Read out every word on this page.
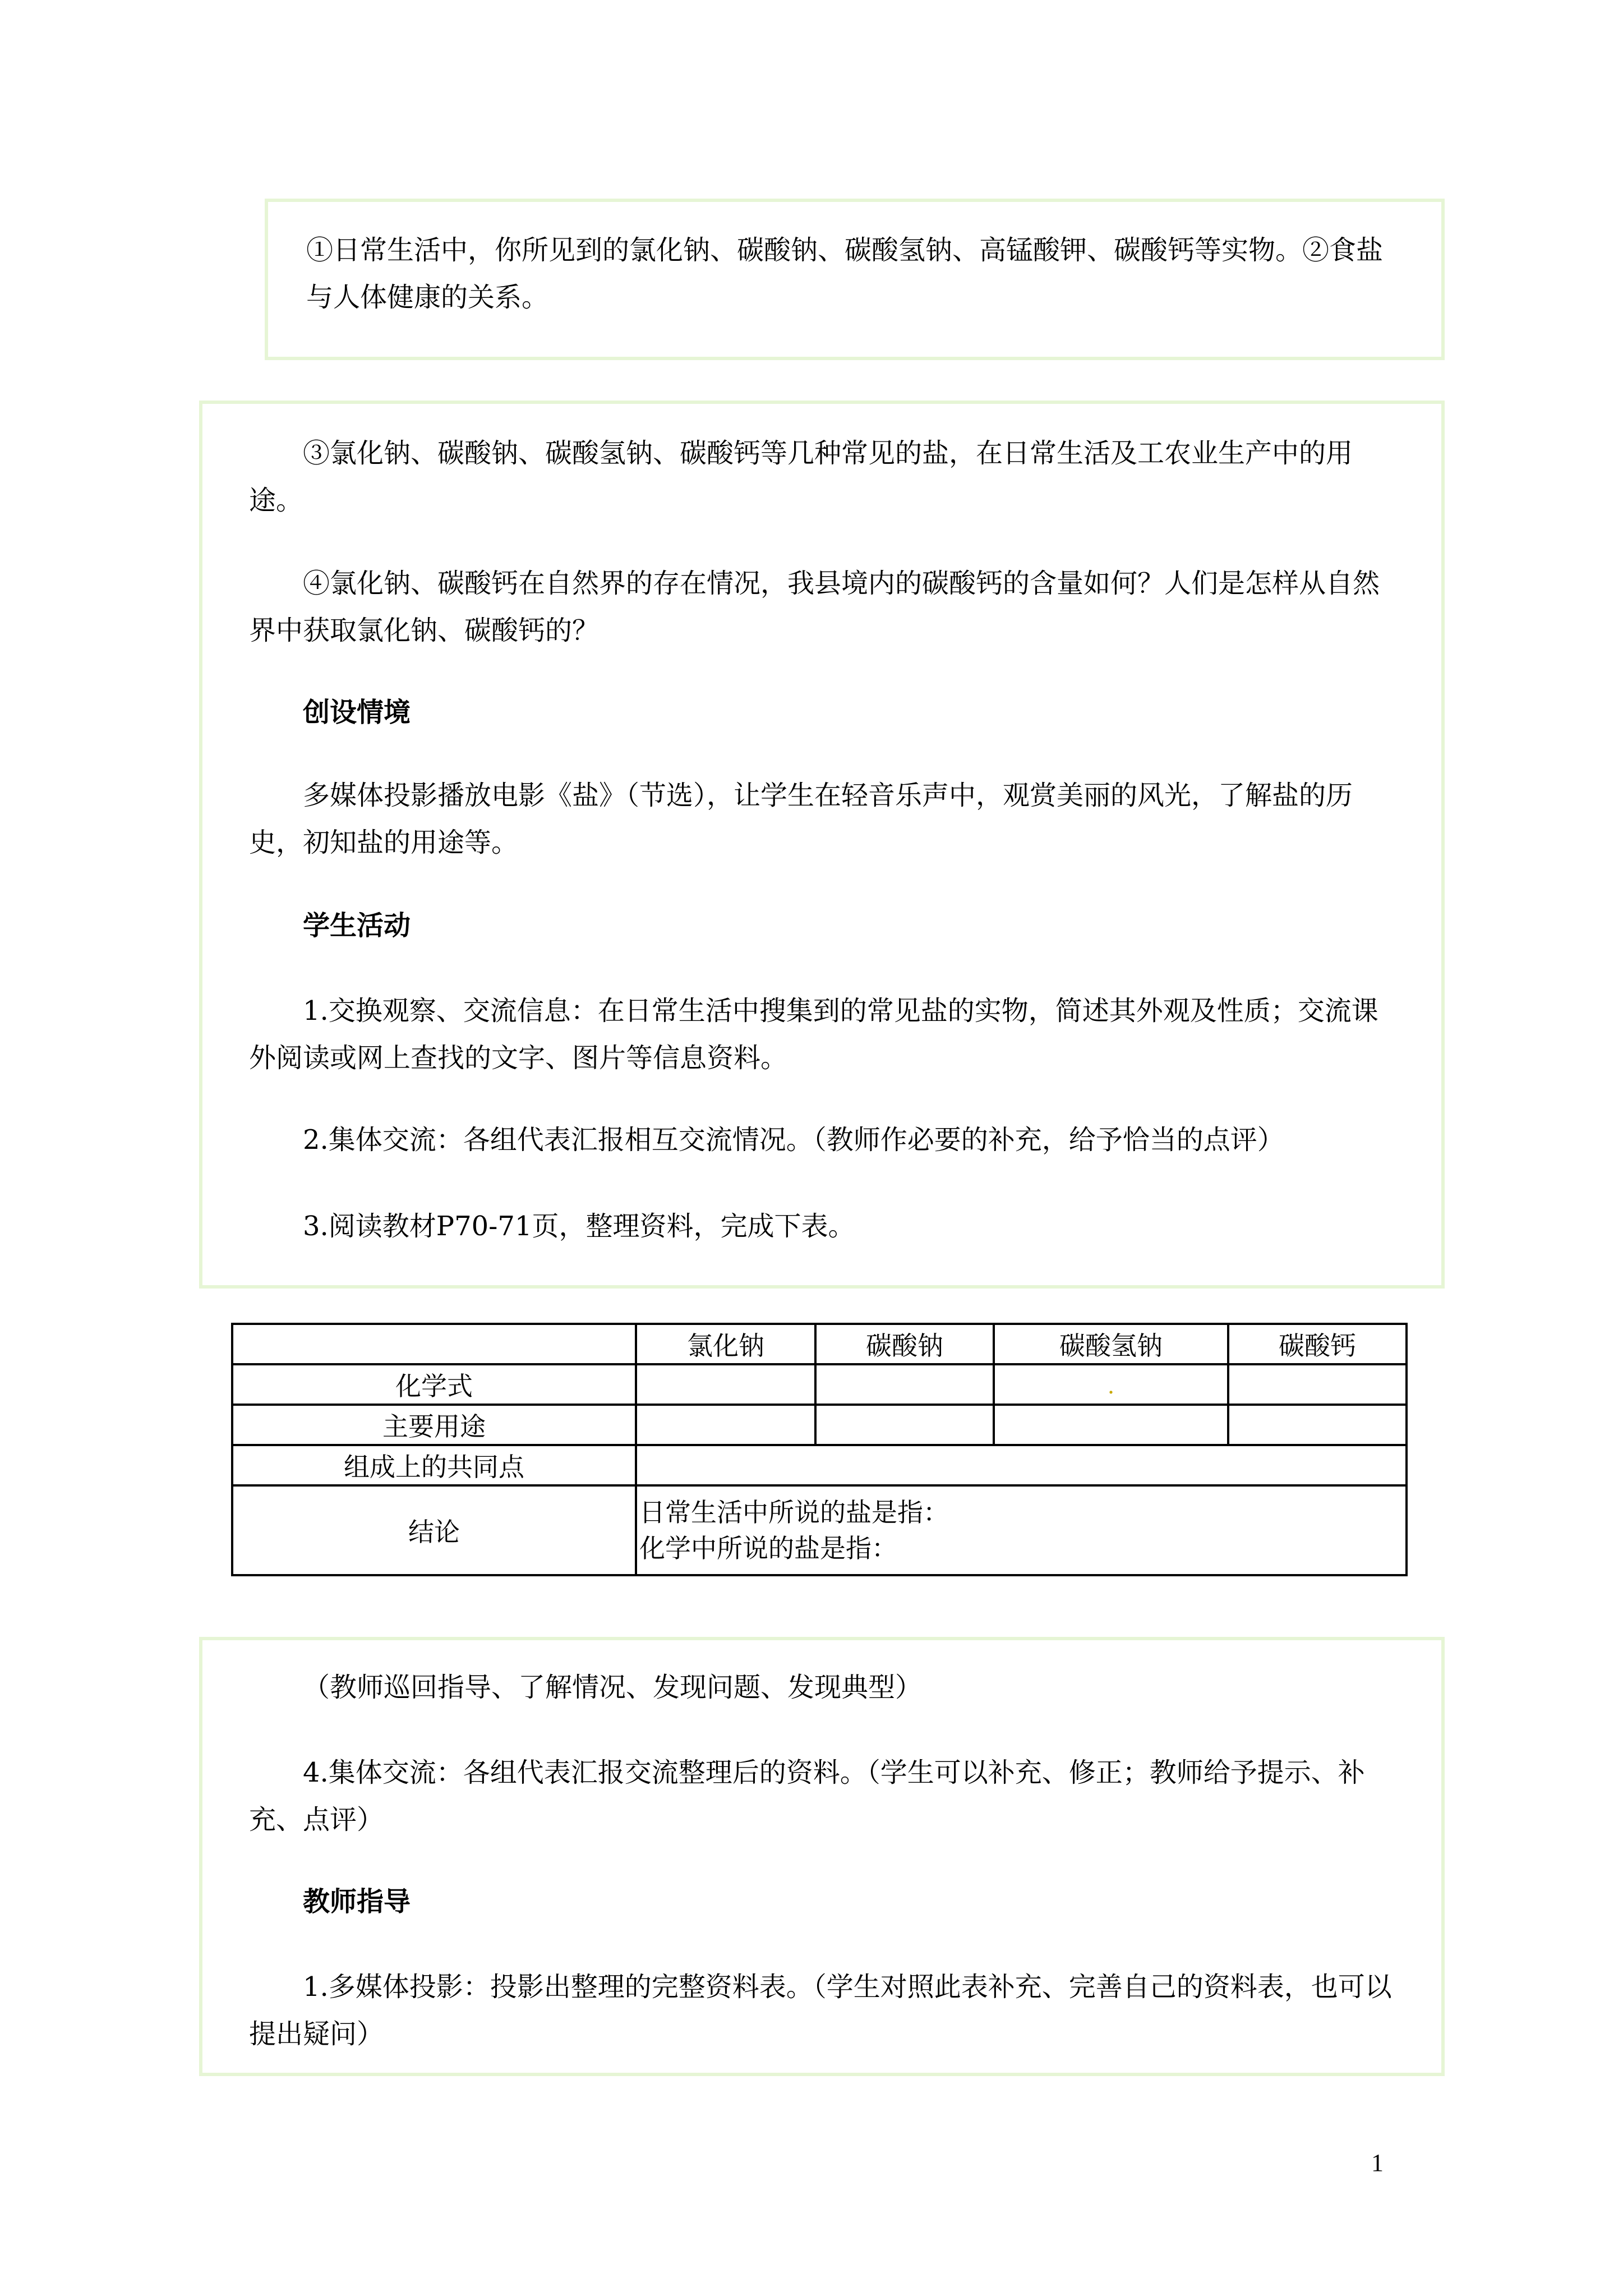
①日常生活中，你所见到的氯化钠、碳酸钠、碳酸氢钠、高锰酸钾、碳酸钙等实物。②食盐与人体健康的关系。

③氯化钠、碳酸钠、碳酸氢钠、碳酸钙等几种常见的盐，在日常生活及工农业生产中的用途。

④氯化钠、碳酸钙在自然界的存在情况，我县境内的碳酸钙的含量如何？人们是怎样从自然界中获取氯化钠、碳酸钙的？

创设情境

多媒体投影播放电影《盐》（节选），让学生在轻音乐声中，观赏美丽的风光，了解盐的历史，初知盐的用途等。

学生活动

1.交换观察、交流信息：在日常生活中搜集到的常见盐的实物，简述其外观及性质；交流课外阅读或网上查找的文字、图片等信息资料。

2.集体交流：各组代表汇报相互交流情况。（教师作必要的补充，给予恰当的点评）

3.阅读教材P70-71页，整理资料，完成下表。

	氯化钠	碳酸钠	碳酸氢钠	碳酸钙
化学式			.	
主要用途				
组成上的共同点				
结论	日常生活中所说的盐是指：
化学中所说的盐是指：			

（教师巡回指导、了解情况、发现问题、发现典型）

4.集体交流：各组代表汇报交流整理后的资料。（学生可以补充、修正；教师给予提示、补充、点评）

教师指导

1.多媒体投影：投影出整理的完整资料表。（学生对照此表补充、完善自己的资料表，也可以提出疑问）

1
